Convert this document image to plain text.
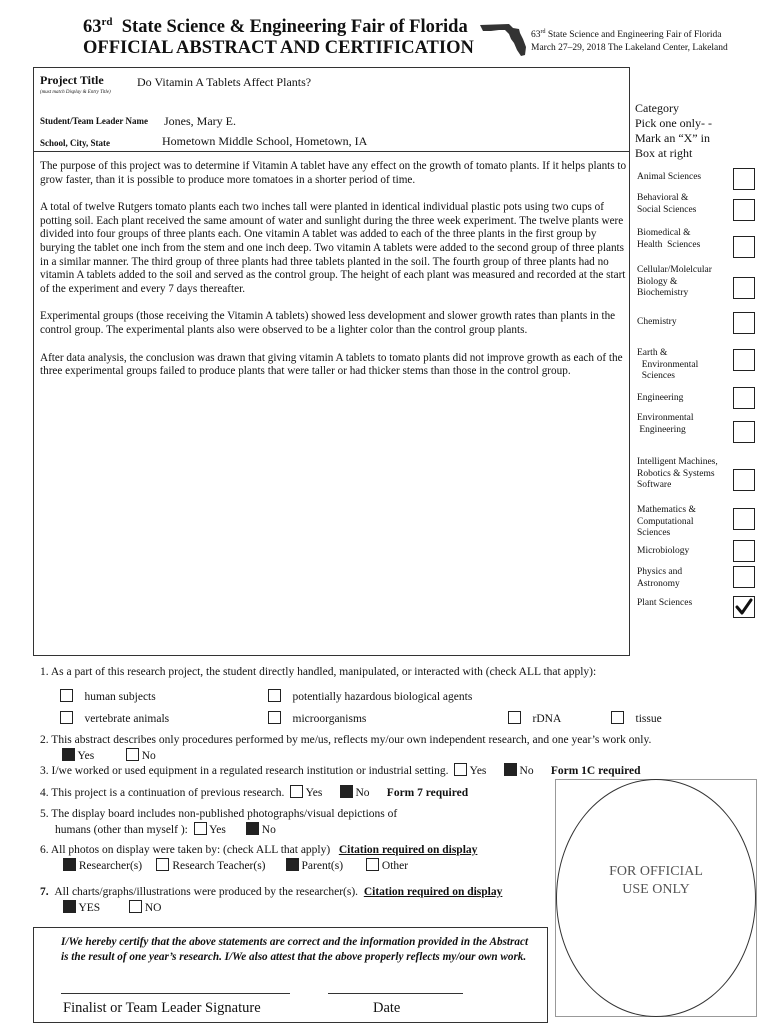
63rd State Science & Engineering Fair of Florida
OFFICIAL ABSTRACT AND CERTIFICATION
63rd State Science and Engineering Fair of Florida
March 27–29, 2018 The Lakeland Center, Lakeland
Project Title
(must match Display & Entry Title)
Do Vitamin A Tablets Affect Plants?
Student/Team Leader Name Jones, Mary E.
School, City, State	Hometown Middle School, Hometown, IA

The purpose of this project was to determine if Vitamin A tablet have any effect on the growth of tomato plants. If it helps plants to grow faster, than it is possible to produce more tomatoes in a shorter period of time.

A total of twelve Rutgers tomato plants each two inches tall were planted in identical individual plastic pots using two cups of potting soil. Each plant received the same amount of water and sunlight during the three week experiment. The twelve plants were divided into four groups of three plants each. One vitamin A tablet was added to each of the three plants in the first group by burying the tablet one inch from the stem and one inch deep. Two vitamin A tablets were added to the second group of three plants in a similar manner. The third group of three plants had three tablets planted in the soil. The fourth group of three plants had no vitamin A tablets added to the soil and served as the control group. The height of each plant was measured and recorded at the start of the experiment and every 7 days thereafter.

Experimental groups (those receiving the Vitamin A tablets) showed less development and slower growth rates than plants in the control group. The experimental plants also were observed to be a lighter color than the control group plants.

After data analysis, the conclusion was drawn that giving vitamin A tablets to tomato plants did not improve growth as each of the three experimental groups failed to produce plants that were taller or had thicker stems than those in the control group.

Category
Pick one only- -
Mark an “X” in
Box at right
Animal Sciences
Behavioral &
Social Sciences
Biomedical &
Health  Sciences
Cellular/Molelcular
Biology &
Biochemistry
Chemistry
Earth &
Environmental
Sciences
Engineering
Environmental
Engineering
Intelligent Machines,
Robotics & Systems
Software
Mathematics &
Computational
Sciences
Microbiology
Physics and
Astronomy
Plant Sciences
1. As a part of this research project, the student directly handled, manipulated, or interacted with (check ALL that apply):
human subjects	potentially hazardous biological agents
vertebrate animals	microorganisms	rDNA	tissue
2. This abstract describes only procedures performed by me/us, reflects my/our own independent research, and one year’s work only.
Yes	No
3. I/we worked or used equipment in a regulated research institution or industrial setting. Yes	No Form 1C required
4. This project is a continuation of previous research. Yes	No Form 7 required
5. The display board includes non-published photographs/visual depictions of
humans (other than myself ): Yes	No
6. All photos on display were taken by: (check ALL that apply) Citation required on display
Researcher(s)	Research Teacher(s)	Parent(s)	Other
7. All charts/graphs/illustrations were produced by the researcher(s). Citation required on display
YES	NO
FOR OFFICIAL
USE ONLY
I/We hereby certify that the above statements are correct and the information provided in the Abstract is the result of one year’s research. I/We also attest that the above properly reflects my/our own work.
Finalist or Team Leader Signature	Date
